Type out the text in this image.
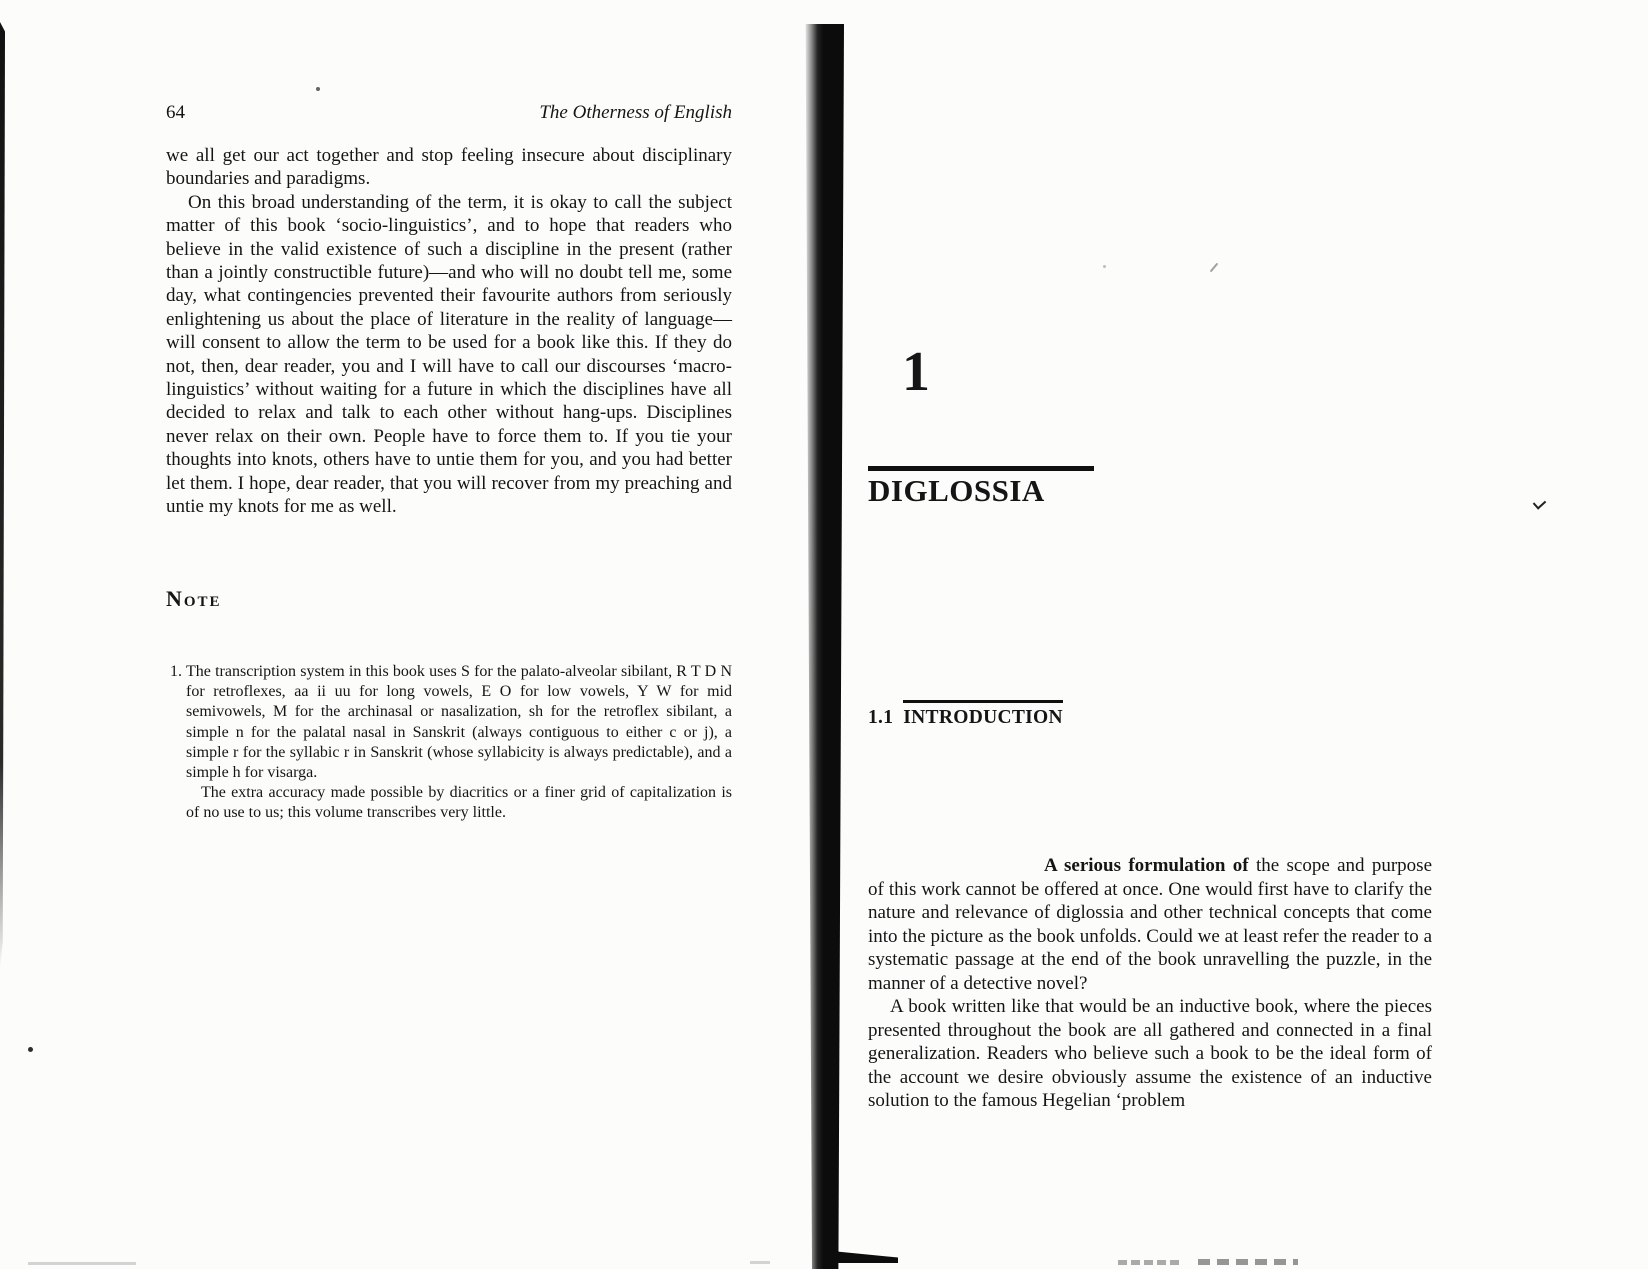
64	The Otherness of English

we all get our act together and stop feeling insecure about disciplinary boundaries and paradigms.

On this broad understanding of the term, it is okay to call the subject matter of this book ‘socio-linguistics’, and to hope that readers who believe in the valid existence of such a discipline in the present (rather than a jointly constructible future)—and who will no doubt tell me, some day, what contingencies prevented their favourite authors from seriously enlightening us about the place of literature in the reality of language—will consent to allow the term to be used for a book like this. If they do not, then, dear reader, you and I will have to call our discourses ‘macro-linguistics’ without waiting for a future in which the disciplines have all decided to relax and talk to each other without hang-ups. Disciplines never relax on their own. People have to force them to. If you tie your thoughts into knots, others have to untie them for you, and you had better let them. I hope, dear reader, that you will recover from my preaching and untie my knots for me as well.

Note
1. The transcription system in this book uses S for the palato-alveolar sibilant, R T D N for retroflexes, aa ii uu for long vowels, E O for low vowels, Y W for mid semivowels, M for the archinasal or nasalization, sh for the retroflex sibilant, a simple n for the palatal nasal in Sanskrit (always contiguous to either c or j), a simple r for the syllabic r in Sanskrit (whose syllabicity is always predictable), and a simple h for visarga.

The extra accuracy made possible by diacritics or a finer grid of capitalization is of no use to us; this volume transcribes very little.

1
DIGLOSSIA
1.1 INTRODUCTION

A serious formulation of the scope and purpose of this work cannot be offered at once. One would first have to clarify the nature and relevance of diglossia and other technical concepts that come into the picture as the book unfolds. Could we at least refer the reader to a systematic passage at the end of the book unravelling the puzzle, in the manner of a detective novel?

A book written like that would be an inductive book, where the pieces presented throughout the book are all gathered and connected in a final generalization. Readers who believe such a book to be the ideal form of the account we desire obviously assume the existence of an inductive solution to the famous Hegelian ‘problem
